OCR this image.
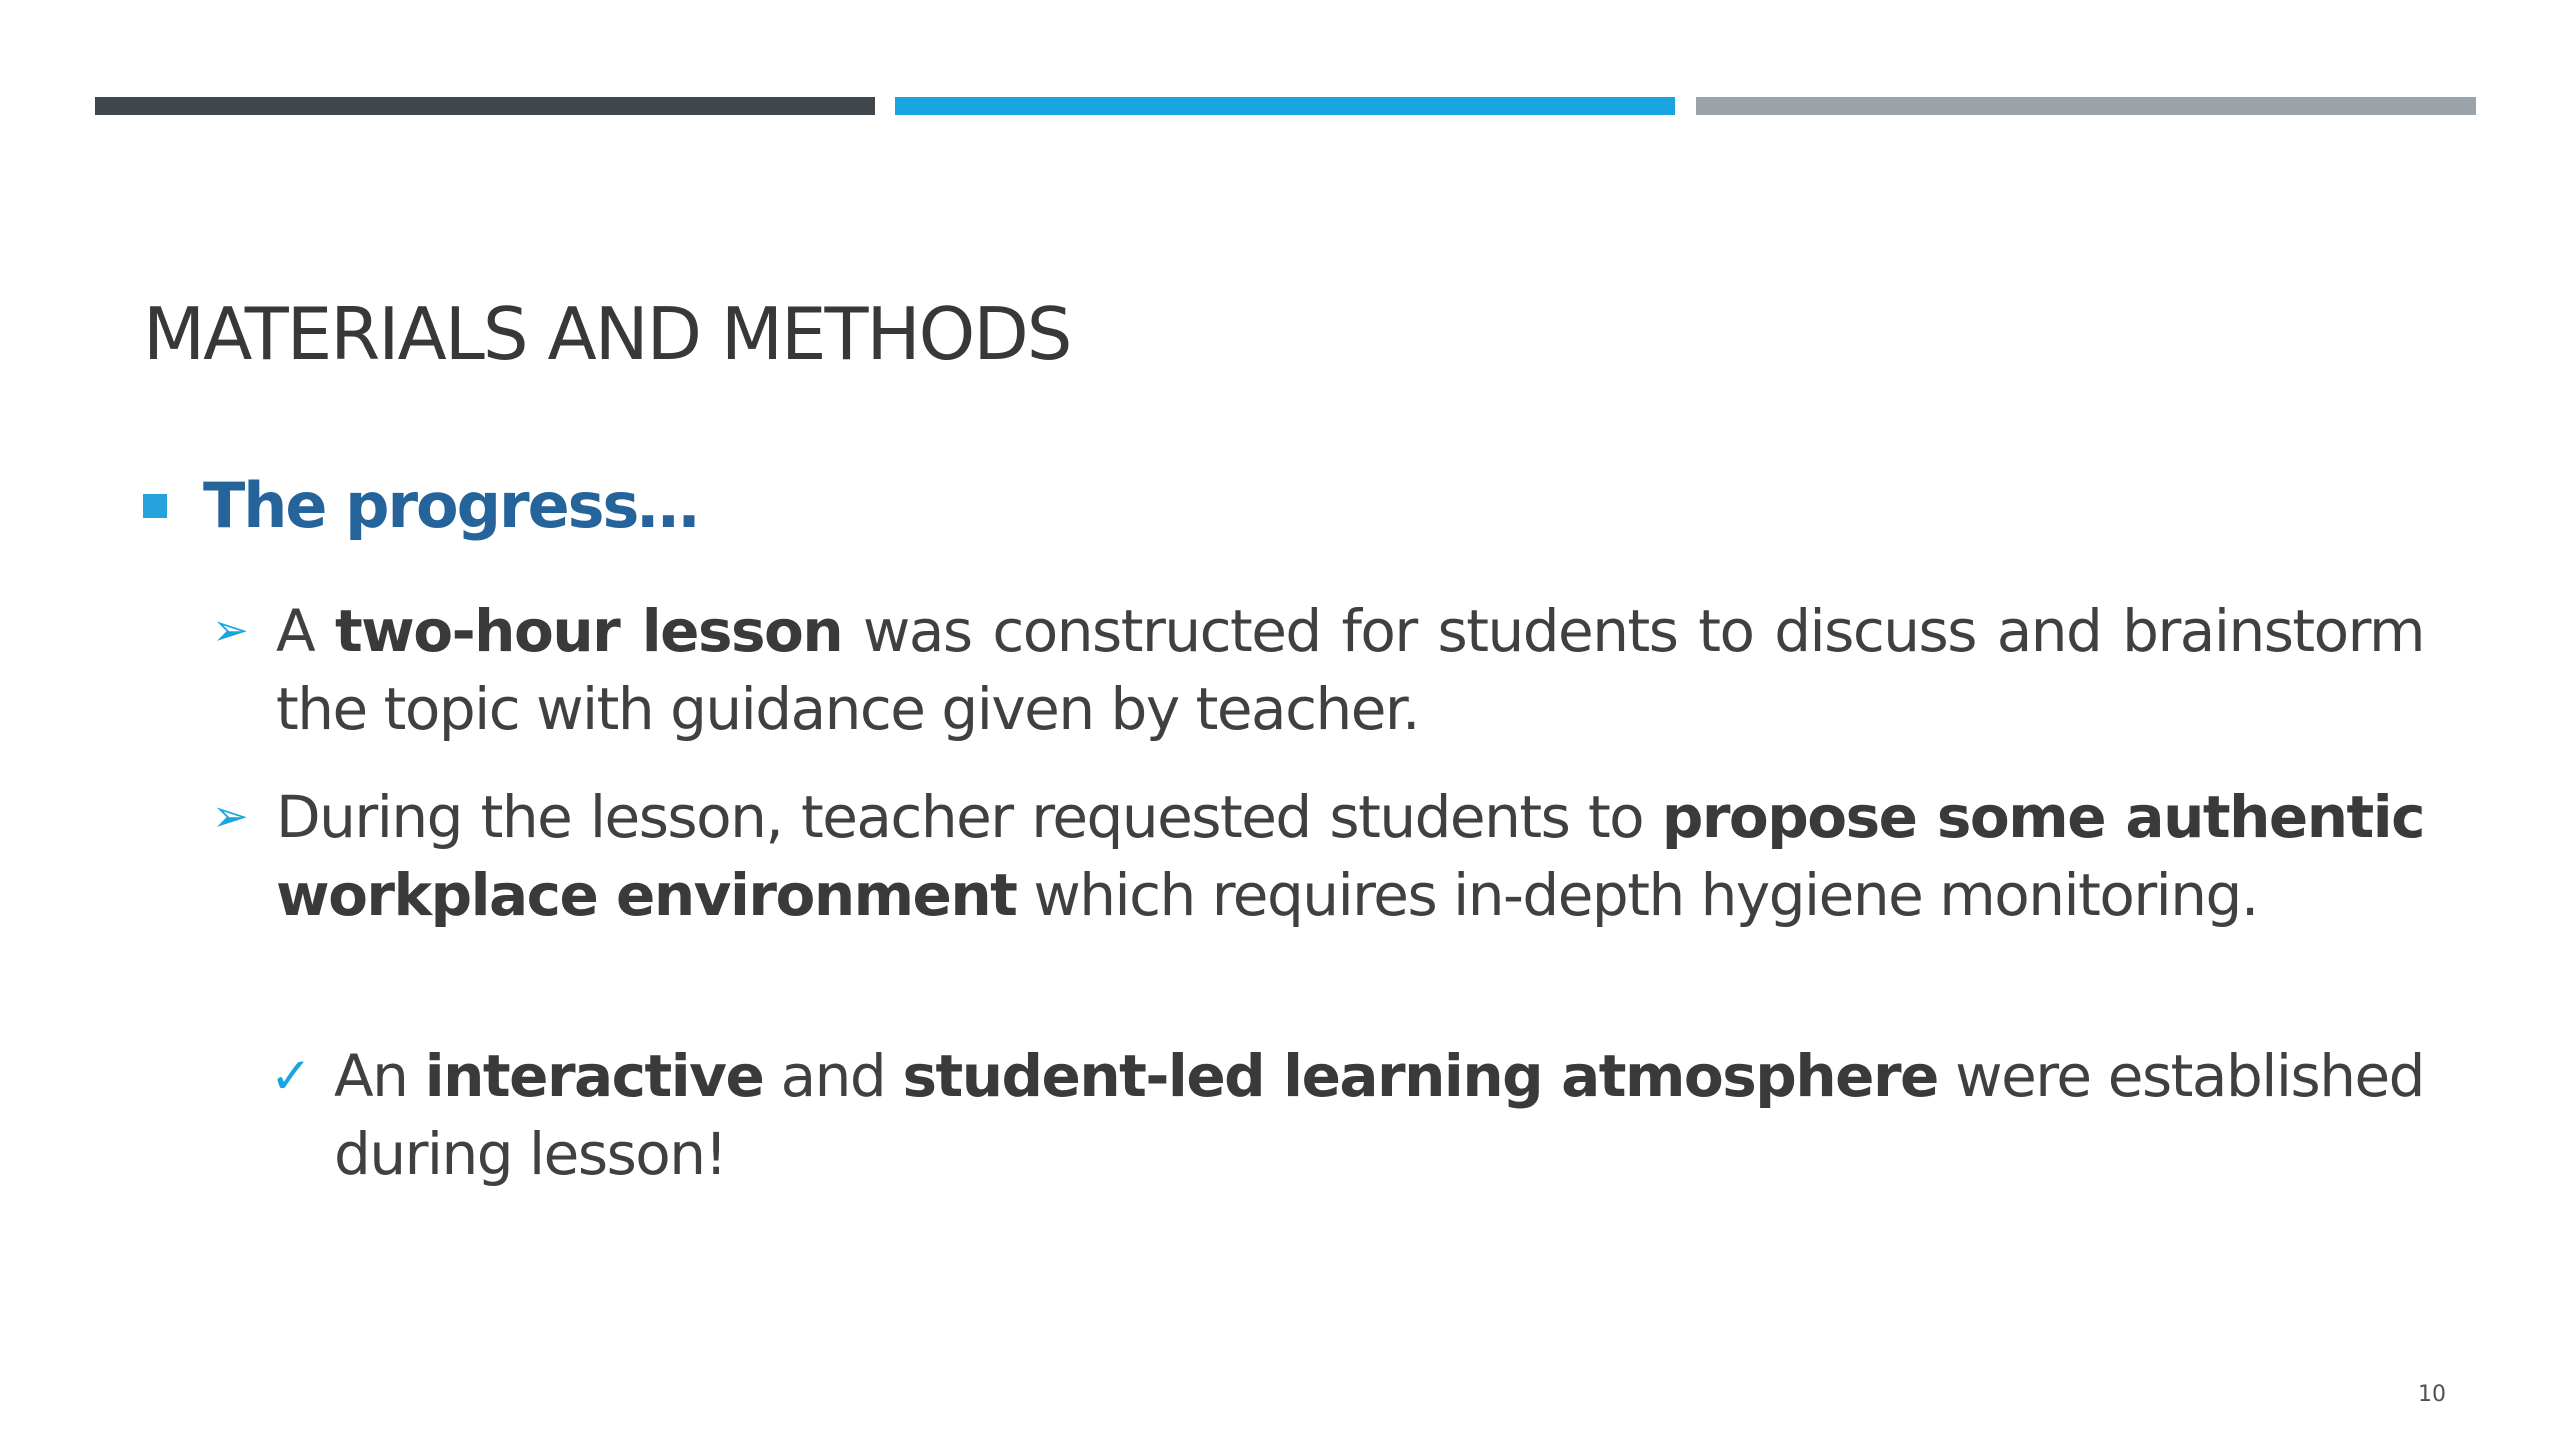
MATERIALS AND METHODS
The progress…
➢ A two-hour lesson was constructed for students to discuss and brainstorm the topic with guidance given by teacher.

➢ During the lesson, teacher requested students to propose some authentic workplace environment which requires in-depth hygiene monitoring.

✓ An interactive and student-led learning atmosphere were established during lesson!

10
